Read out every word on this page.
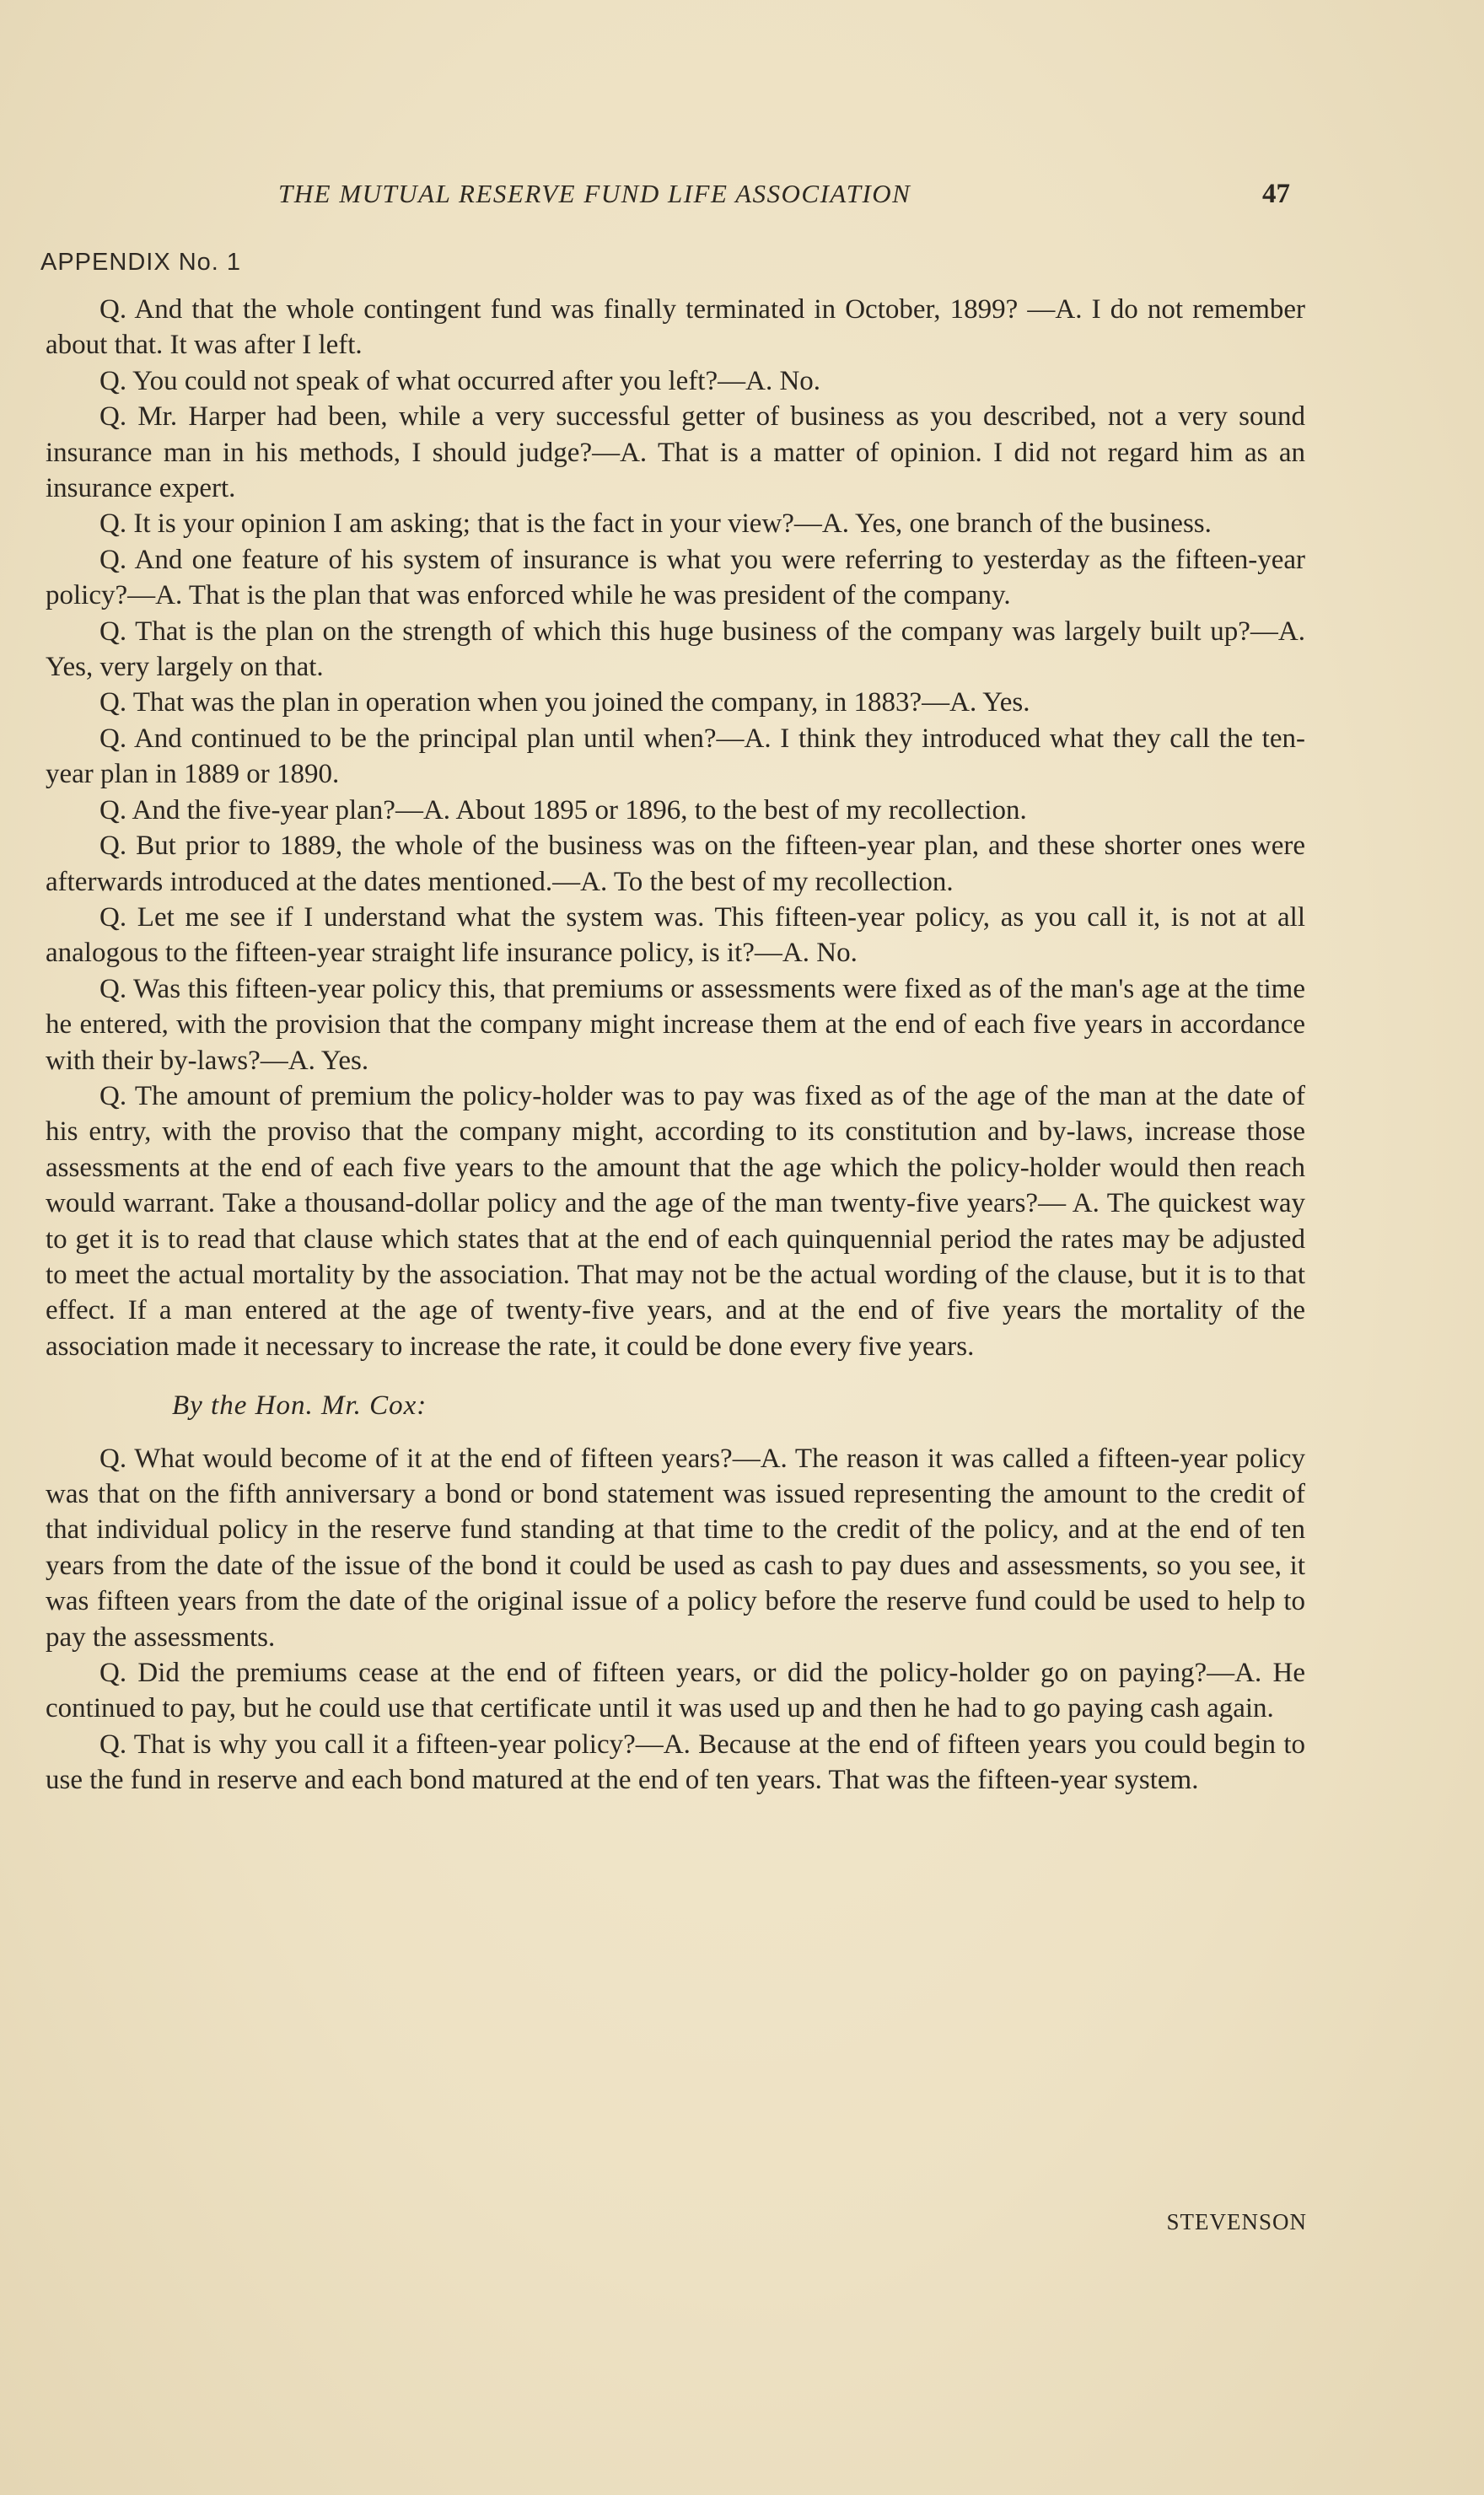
THE MUTUAL RESERVE FUND LIFE ASSOCIATION	47
APPENDIX No. 1

Q. And that the whole contingent fund was finally terminated in October, 1899? —A. I do not remember about that. It was after I left.

Q. You could not speak of what occurred after you left?—A. No.

Q. Mr. Harper had been, while a very successful getter of business as you described, not a very sound insurance man in his methods, I should judge?—A. That is a matter of opinion. I did not regard him as an insurance expert.

Q. It is your opinion I am asking; that is the fact in your view?—A. Yes, one branch of the business.

Q. And one feature of his system of insurance is what you were referring to yesterday as the fifteen-year policy?—A. That is the plan that was enforced while he was president of the company.

Q. That is the plan on the strength of which this huge business of the company was largely built up?—A. Yes, very largely on that.

Q. That was the plan in operation when you joined the company, in 1883?—A. Yes.

Q. And continued to be the principal plan until when?—A. I think they introduced what they call the ten-year plan in 1889 or 1890.

Q. And the five-year plan?—A. About 1895 or 1896, to the best of my recollection.

Q. But prior to 1889, the whole of the business was on the fifteen-year plan, and these shorter ones were afterwards introduced at the dates mentioned.—A. To the best of my recollection.

Q. Let me see if I understand what the system was. This fifteen-year policy, as you call it, is not at all analogous to the fifteen-year straight life insurance policy, is it?—A. No.

Q. Was this fifteen-year policy this, that premiums or assessments were fixed as of the man's age at the time he entered, with the provision that the company might increase them at the end of each five years in accordance with their by-laws?—A. Yes.

Q. The amount of premium the policy-holder was to pay was fixed as of the age of the man at the date of his entry, with the proviso that the company might, according to its constitution and by-laws, increase those assessments at the end of each five years to the amount that the age which the policy-holder would then reach would warrant. Take a thousand-dollar policy and the age of the man twenty-five years?— A. The quickest way to get it is to read that clause which states that at the end of each quinquennial period the rates may be adjusted to meet the actual mortality by the association. That may not be the actual wording of the clause, but it is to that effect. If a man entered at the age of twenty-five years, and at the end of five years the mortality of the association made it necessary to increase the rate, it could be done every five years.

By the Hon. Mr. Cox:

Q. What would become of it at the end of fifteen years?—A. The reason it was called a fifteen-year policy was that on the fifth anniversary a bond or bond statement was issued representing the amount to the credit of that individual policy in the reserve fund standing at that time to the credit of the policy, and at the end of ten years from the date of the issue of the bond it could be used as cash to pay dues and assessments, so you see, it was fifteen years from the date of the original issue of a policy before the reserve fund could be used to help to pay the assessments.

Q. Did the premiums cease at the end of fifteen years, or did the policy-holder go on paying?—A. He continued to pay, but he could use that certificate until it was used up and then he had to go paying cash again.

Q. That is why you call it a fifteen-year policy?—A. Because at the end of fifteen years you could begin to use the fund in reserve and each bond matured at the end of ten years. That was the fifteen-year system.

STEVENSON
